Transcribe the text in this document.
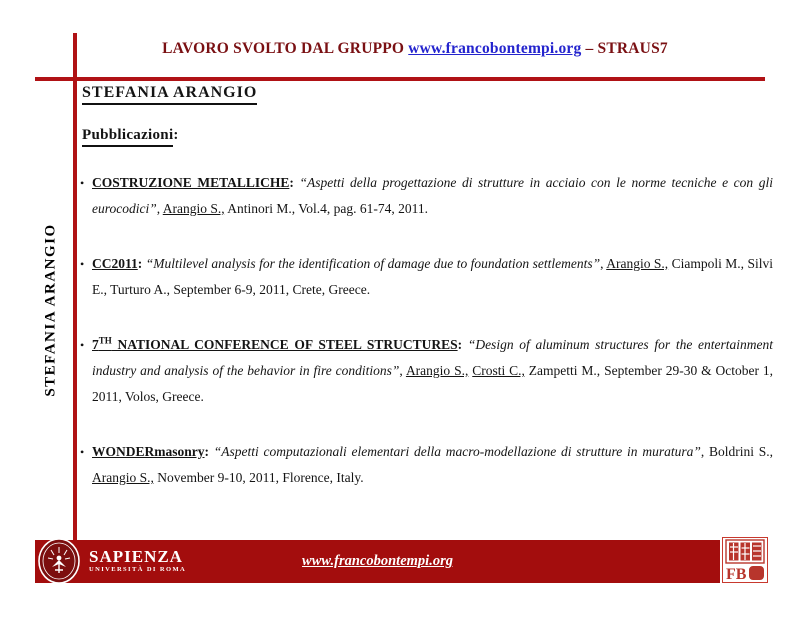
LAVORO SVOLTO DAL GRUPPO www.francobontempi.org – STRAUS7
STEFANIA ARANGIO
STEFANIA ARANGIO
Pubblicazioni:
• COSTRUZIONE METALLICHE: “Aspetti della progettazione di strutture in acciaio con le norme tecniche e con gli eurocodici”, Arangio S., Antinori M., Vol.4, pag. 61-74, 2011.
• CC2011: “Multilevel analysis for the identification of damage due to foundation settlements”, Arangio S., Ciampoli M., Silvi E., Turturo A., September 6-9, 2011, Crete, Greece.
• 7TH NATIONAL CONFERENCE OF STEEL STRUCTURES: “Design of aluminum structures for the entertainment industry and analysis of the behavior in fire conditions”, Arangio S., Crosti C., Zampetti M., September 29-30 & October 1, 2011, Volos, Greece.
• WONDERmasonry: “Aspetti computazionali elementari della macro-modellazione di strutture in muratura”, Boldrini S., Arangio S., November 9-10, 2011, Florence, Italy.
SAPIENZA
UNIVERSITÀ DI ROMA
www.francobontempi.org
FB
